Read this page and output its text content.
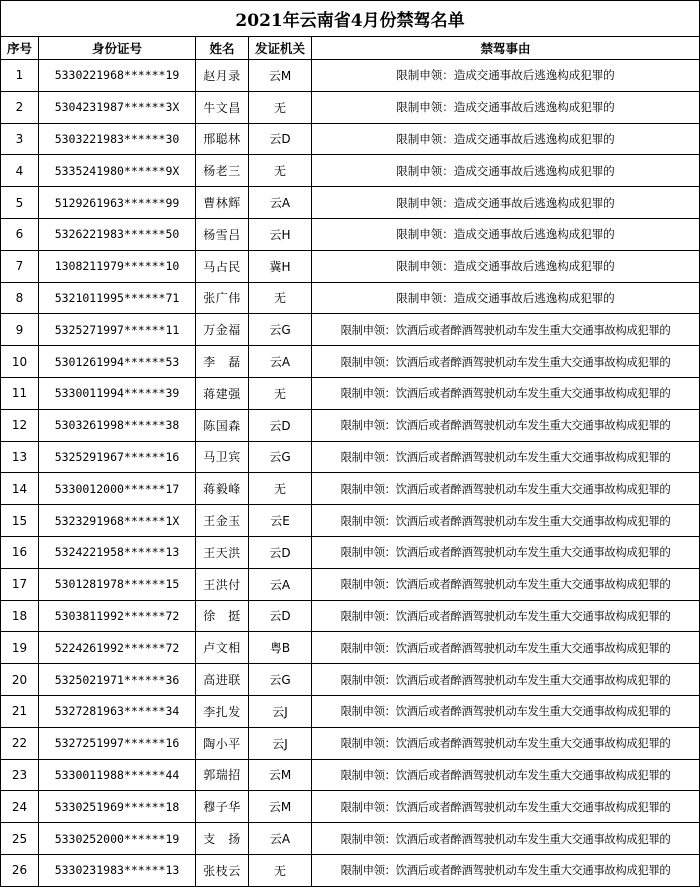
2021年云南省4月份禁驾名单				
序号	身份证号	姓名	发证机关	禁驾事由
1	5330221968******19	赵月录	云M	限制申领：造成交通事故后逃逸构成犯罪的
2	5304231987******3X	牛文昌	无	限制申领：造成交通事故后逃逸构成犯罪的
3	5303221983******30	邢聪林	云D	限制申领：造成交通事故后逃逸构成犯罪的
4	5335241980******9X	杨老三	无	限制申领：造成交通事故后逃逸构成犯罪的
5	5129261963******99	曹林辉	云A	限制申领：造成交通事故后逃逸构成犯罪的
6	5326221983******50	杨雪吕	云H	限制申领：造成交通事故后逃逸构成犯罪的
7	1308211979******10	马占民	冀H	限制申领：造成交通事故后逃逸构成犯罪的
8	5321011995******71	张广伟	无	限制申领：造成交通事故后逃逸构成犯罪的
9	5325271997******11	万金福	云G	限制申领：饮酒后或者醉酒驾驶机动车发生重大交通事故构成犯罪的
10	5301261994******53	李　磊	云A	限制申领：饮酒后或者醉酒驾驶机动车发生重大交通事故构成犯罪的
11	5330011994******39	蒋建强	无	限制申领：饮酒后或者醉酒驾驶机动车发生重大交通事故构成犯罪的
12	5303261998******38	陈国森	云D	限制申领：饮酒后或者醉酒驾驶机动车发生重大交通事故构成犯罪的
13	5325291967******16	马卫宾	云G	限制申领：饮酒后或者醉酒驾驶机动车发生重大交通事故构成犯罪的
14	5330012000******17	蒋毅峰	无	限制申领：饮酒后或者醉酒驾驶机动车发生重大交通事故构成犯罪的
15	5323291968******1X	王金玉	云E	限制申领：饮酒后或者醉酒驾驶机动车发生重大交通事故构成犯罪的
16	5324221958******13	王天洪	云D	限制申领：饮酒后或者醉酒驾驶机动车发生重大交通事故构成犯罪的
17	5301281978******15	王洪付	云A	限制申领：饮酒后或者醉酒驾驶机动车发生重大交通事故构成犯罪的
18	5303811992******72	徐　挺	云D	限制申领：饮酒后或者醉酒驾驶机动车发生重大交通事故构成犯罪的
19	5224261992******72	卢文相	粤B	限制申领：饮酒后或者醉酒驾驶机动车发生重大交通事故构成犯罪的
20	5325021971******36	高进联	云G	限制申领：饮酒后或者醉酒驾驶机动车发生重大交通事故构成犯罪的
21	5327281963******34	李扎发	云J	限制申领：饮酒后或者醉酒驾驶机动车发生重大交通事故构成犯罪的
22	5327251997******16	陶小平	云J	限制申领：饮酒后或者醉酒驾驶机动车发生重大交通事故构成犯罪的
23	5330011988******44	郭瑞招	云M	限制申领：饮酒后或者醉酒驾驶机动车发生重大交通事故构成犯罪的
24	5330251969******18	穆子华	云M	限制申领：饮酒后或者醉酒驾驶机动车发生重大交通事故构成犯罪的
25	5330252000******19	支　扬	云A	限制申领：饮酒后或者醉酒驾驶机动车发生重大交通事故构成犯罪的
26	5330231983******13	张枝云	无	限制申领：饮酒后或者醉酒驾驶机动车发生重大交通事故构成犯罪的
